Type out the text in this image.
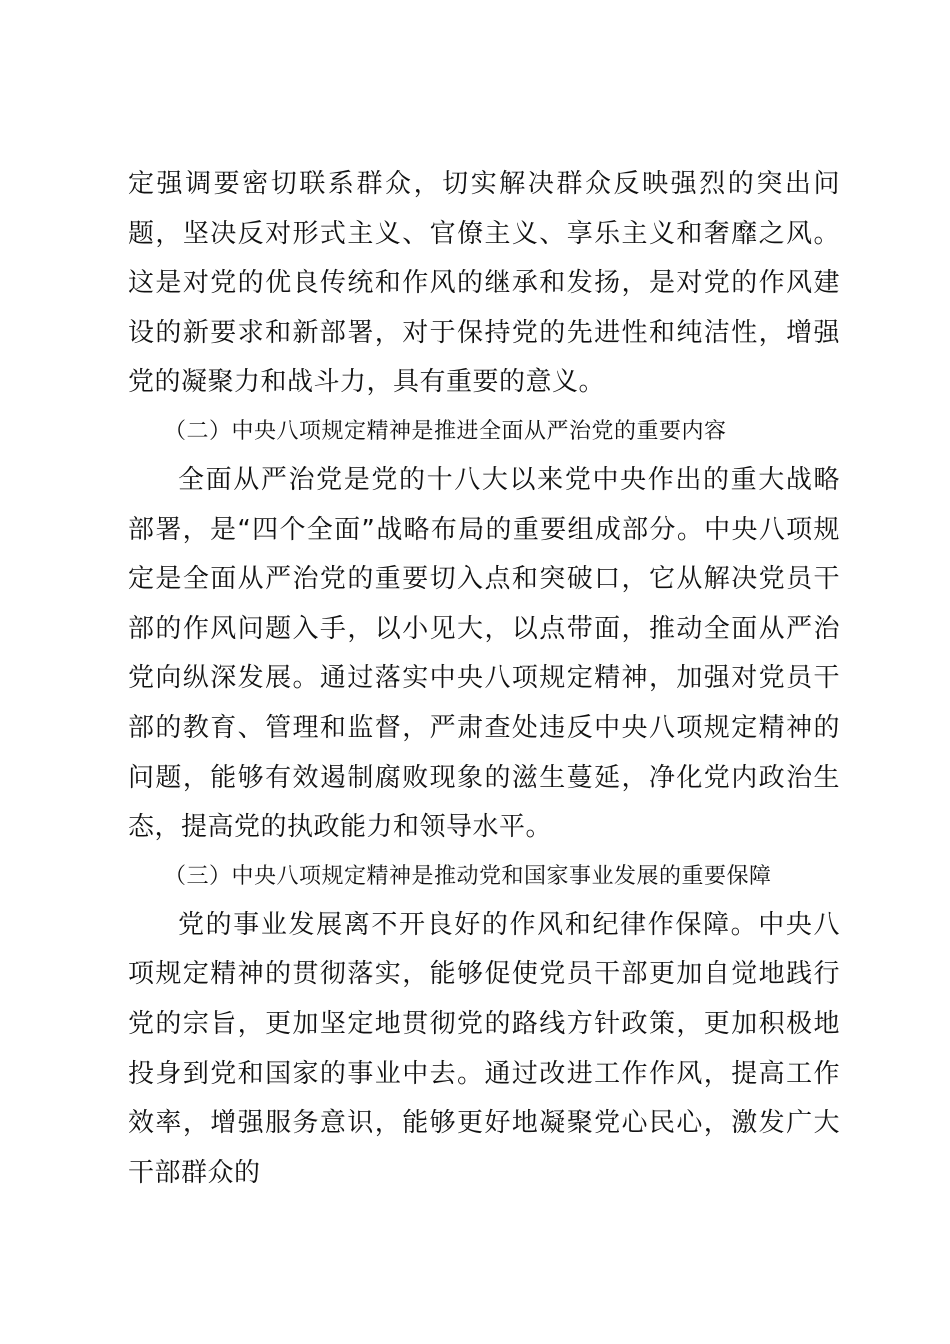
定强调要密切联系群众，切实解决群众反映强烈的突出问题，坚决反对形式主义、官僚主义、享乐主义和奢靡之风。这是对党的优良传统和作风的继承和发扬，是对党的作风建设的新要求和新部署，对于保持党的先进性和纯洁性，增强党的凝聚力和战斗力，具有重要的意义。

（二）中央八项规定精神是推进全面从严治党的重要内容

全面从严治党是党的十八大以来党中央作出的重大战略部署，是“四个全面”战略布局的重要组成部分。中央八项规定是全面从严治党的重要切入点和突破口，它从解决党员干部的作风问题入手，以小见大，以点带面，推动全面从严治党向纵深发展。通过落实中央八项规定精神，加强对党员干部的教育、管理和监督，严肃查处违反中央八项规定精神的问题，能够有效遏制腐败现象的滋生蔓延，净化党内政治生态，提高党的执政能力和领导水平。

（三）中央八项规定精神是推动党和国家事业发展的重要保障

党的事业发展离不开良好的作风和纪律作保障。中央八项规定精神的贯彻落实，能够促使党员干部更加自觉地践行党的宗旨，更加坚定地贯彻党的路线方针政策，更加积极地投身到党和国家的事业中去。通过改进工作作风，提高工作效率，增强服务意识，能够更好地凝聚党心民心，激发广大干部群众的
